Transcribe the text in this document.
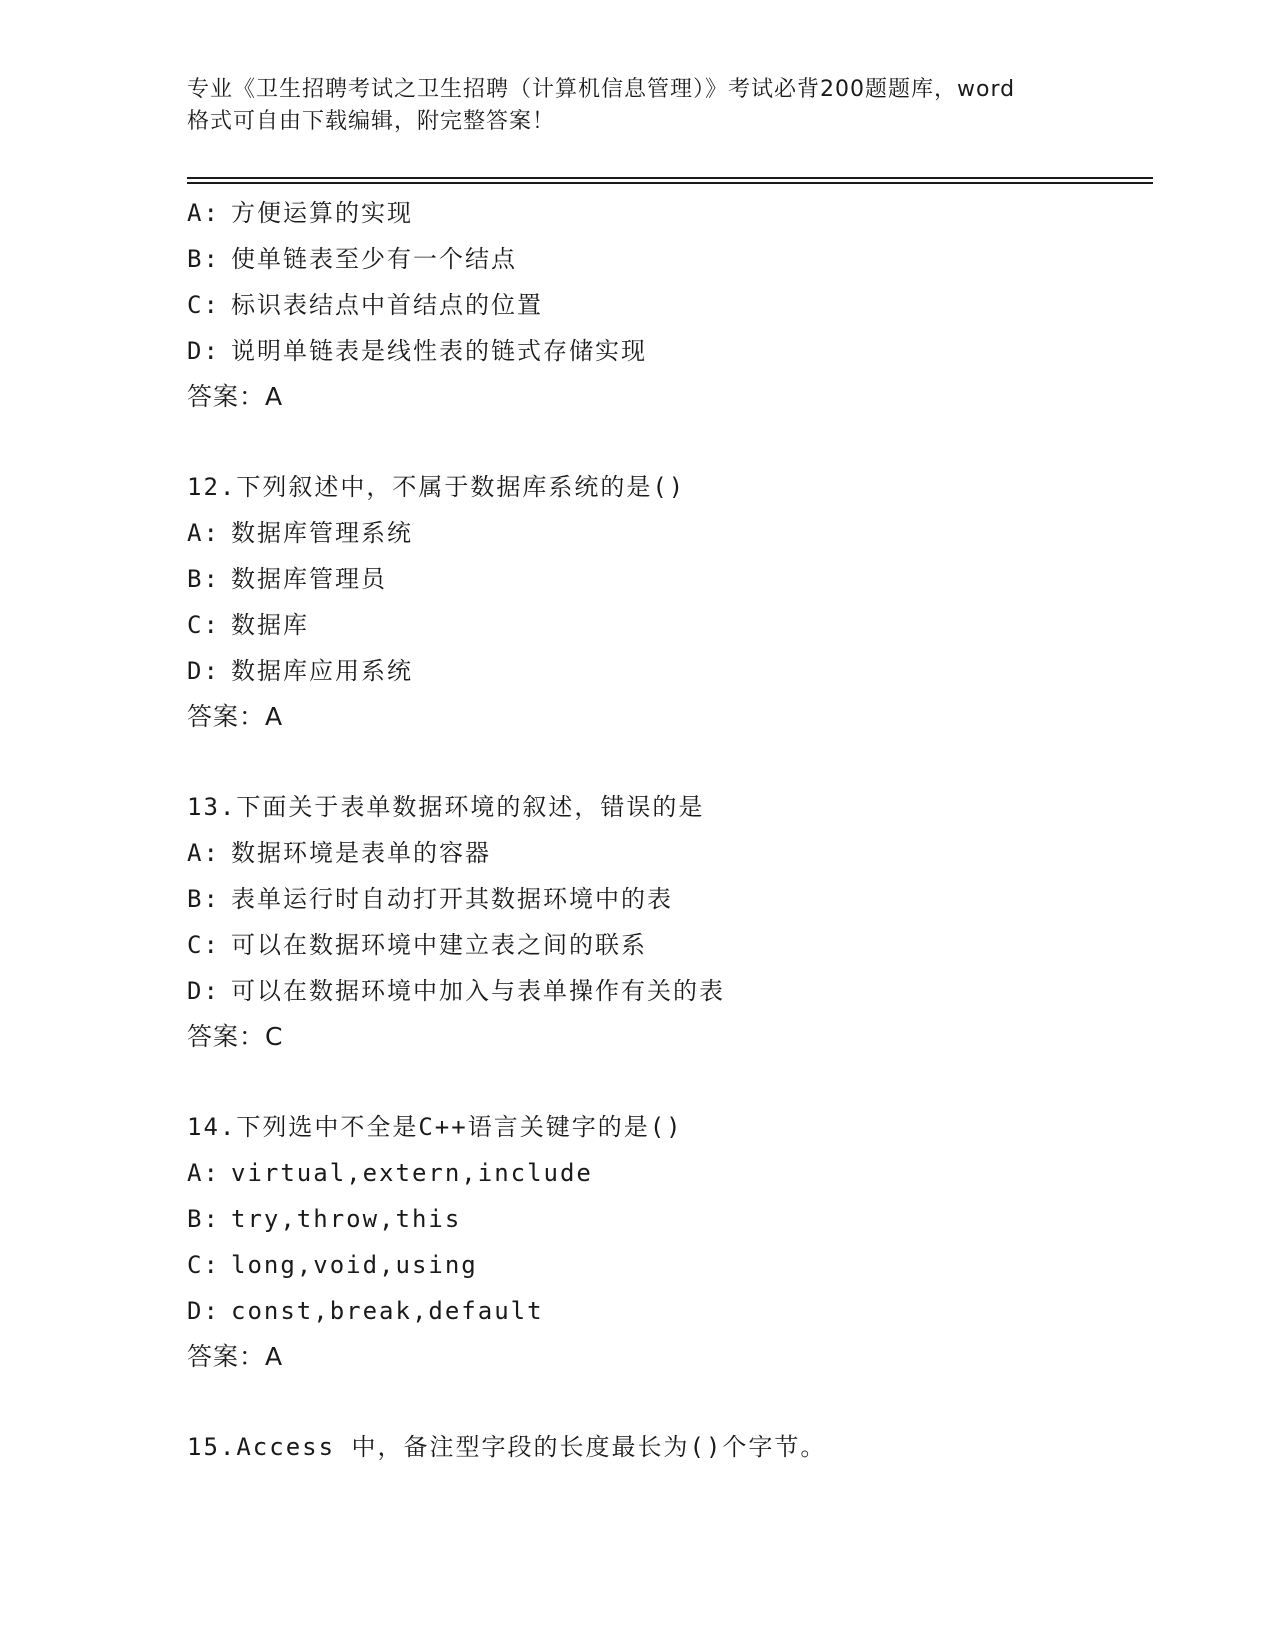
专业《卫生招聘考试之卫生招聘（计算机信息管理）》考试必背200题题库，word
格式可自由下载编辑，附完整答案！
A: 方便运算的实现
B: 使单链表至少有一个结点
C: 标识表结点中首结点的位置
D: 说明单链表是线性表的链式存储实现
答案：A
12.下列叙述中，不属于数据库系统的是()
A: 数据库管理系统
B: 数据库管理员
C: 数据库
D: 数据库应用系统
答案：A
13.下面关于表单数据环境的叙述，错误的是
A: 数据环境是表单的容器
B: 表单运行时自动打开其数据环境中的表
C: 可以在数据环境中建立表之间的联系
D: 可以在数据环境中加入与表单操作有关的表
答案：C
14.下列选中不全是C++语言关键字的是()
A: virtual,extern,include
B: try,throw,this
C: long,void,using
D: const,break,default
答案：A
15.Access 中，备注型字段的长度最长为()个字节。
